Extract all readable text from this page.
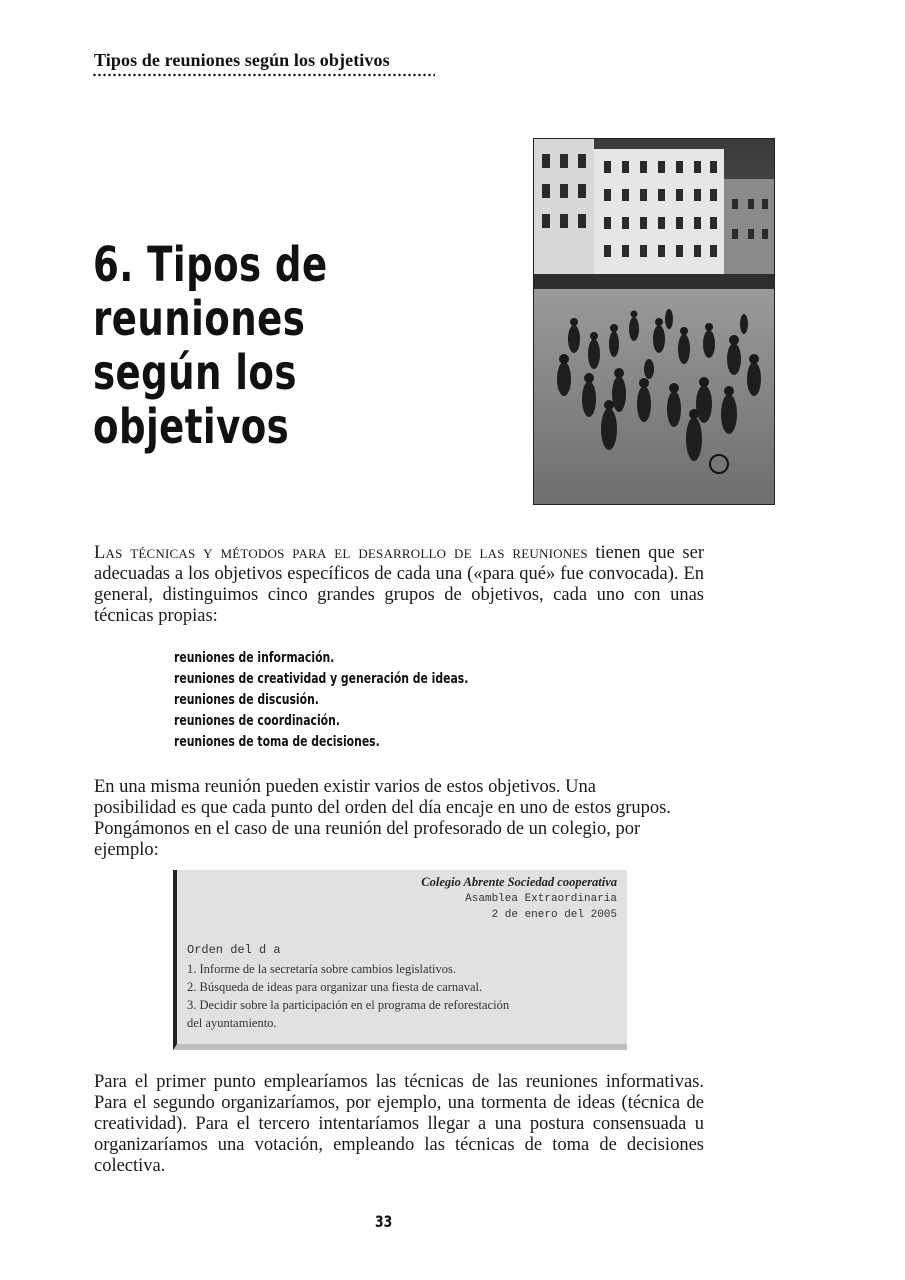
Tipos de reuniones según los objetivos
6. Tipos de reuniones
según los objetivos

Las técnicas y métodos para el desarrollo de las reuniones tienen que ser adecuadas a los objetivos específicos de cada una («para qué» fue convocada). En general, distinguimos cinco grandes grupos de objetivos, cada uno con unas técnicas propias:

reuniones de información.
reuniones de creatividad y generación de ideas.
reuniones de discusión.
reuniones de coordinación.
reuniones de toma de decisiones.

En una misma reunión pueden existir varios de estos objetivos. Una posibilidad es que cada punto del orden del día encaje en uno de estos grupos. Pongámonos en el caso de una reunión del profesorado de un colegio, por ejemplo:

Colegio Abrente Sociedad cooperativa
Asamblea Extraordinaria
2 de enero del 2005
Orden del d a
1. Informe de la secretaría sobre cambios legislativos.
2. Búsqueda de ideas para organizar una fiesta de carnaval.
3. Decidir sobre la participación en el programa de reforestación del ayuntamiento.

Para el primer punto emplearíamos las técnicas de las reuniones informativas. Para el segundo organizaríamos, por ejemplo, una tormenta de ideas (técnica de creatividad). Para el tercero intentaríamos llegar a una postura consensuada u organizaríamos una votación, empleando las técnicas de toma de decisiones colectiva.

33
